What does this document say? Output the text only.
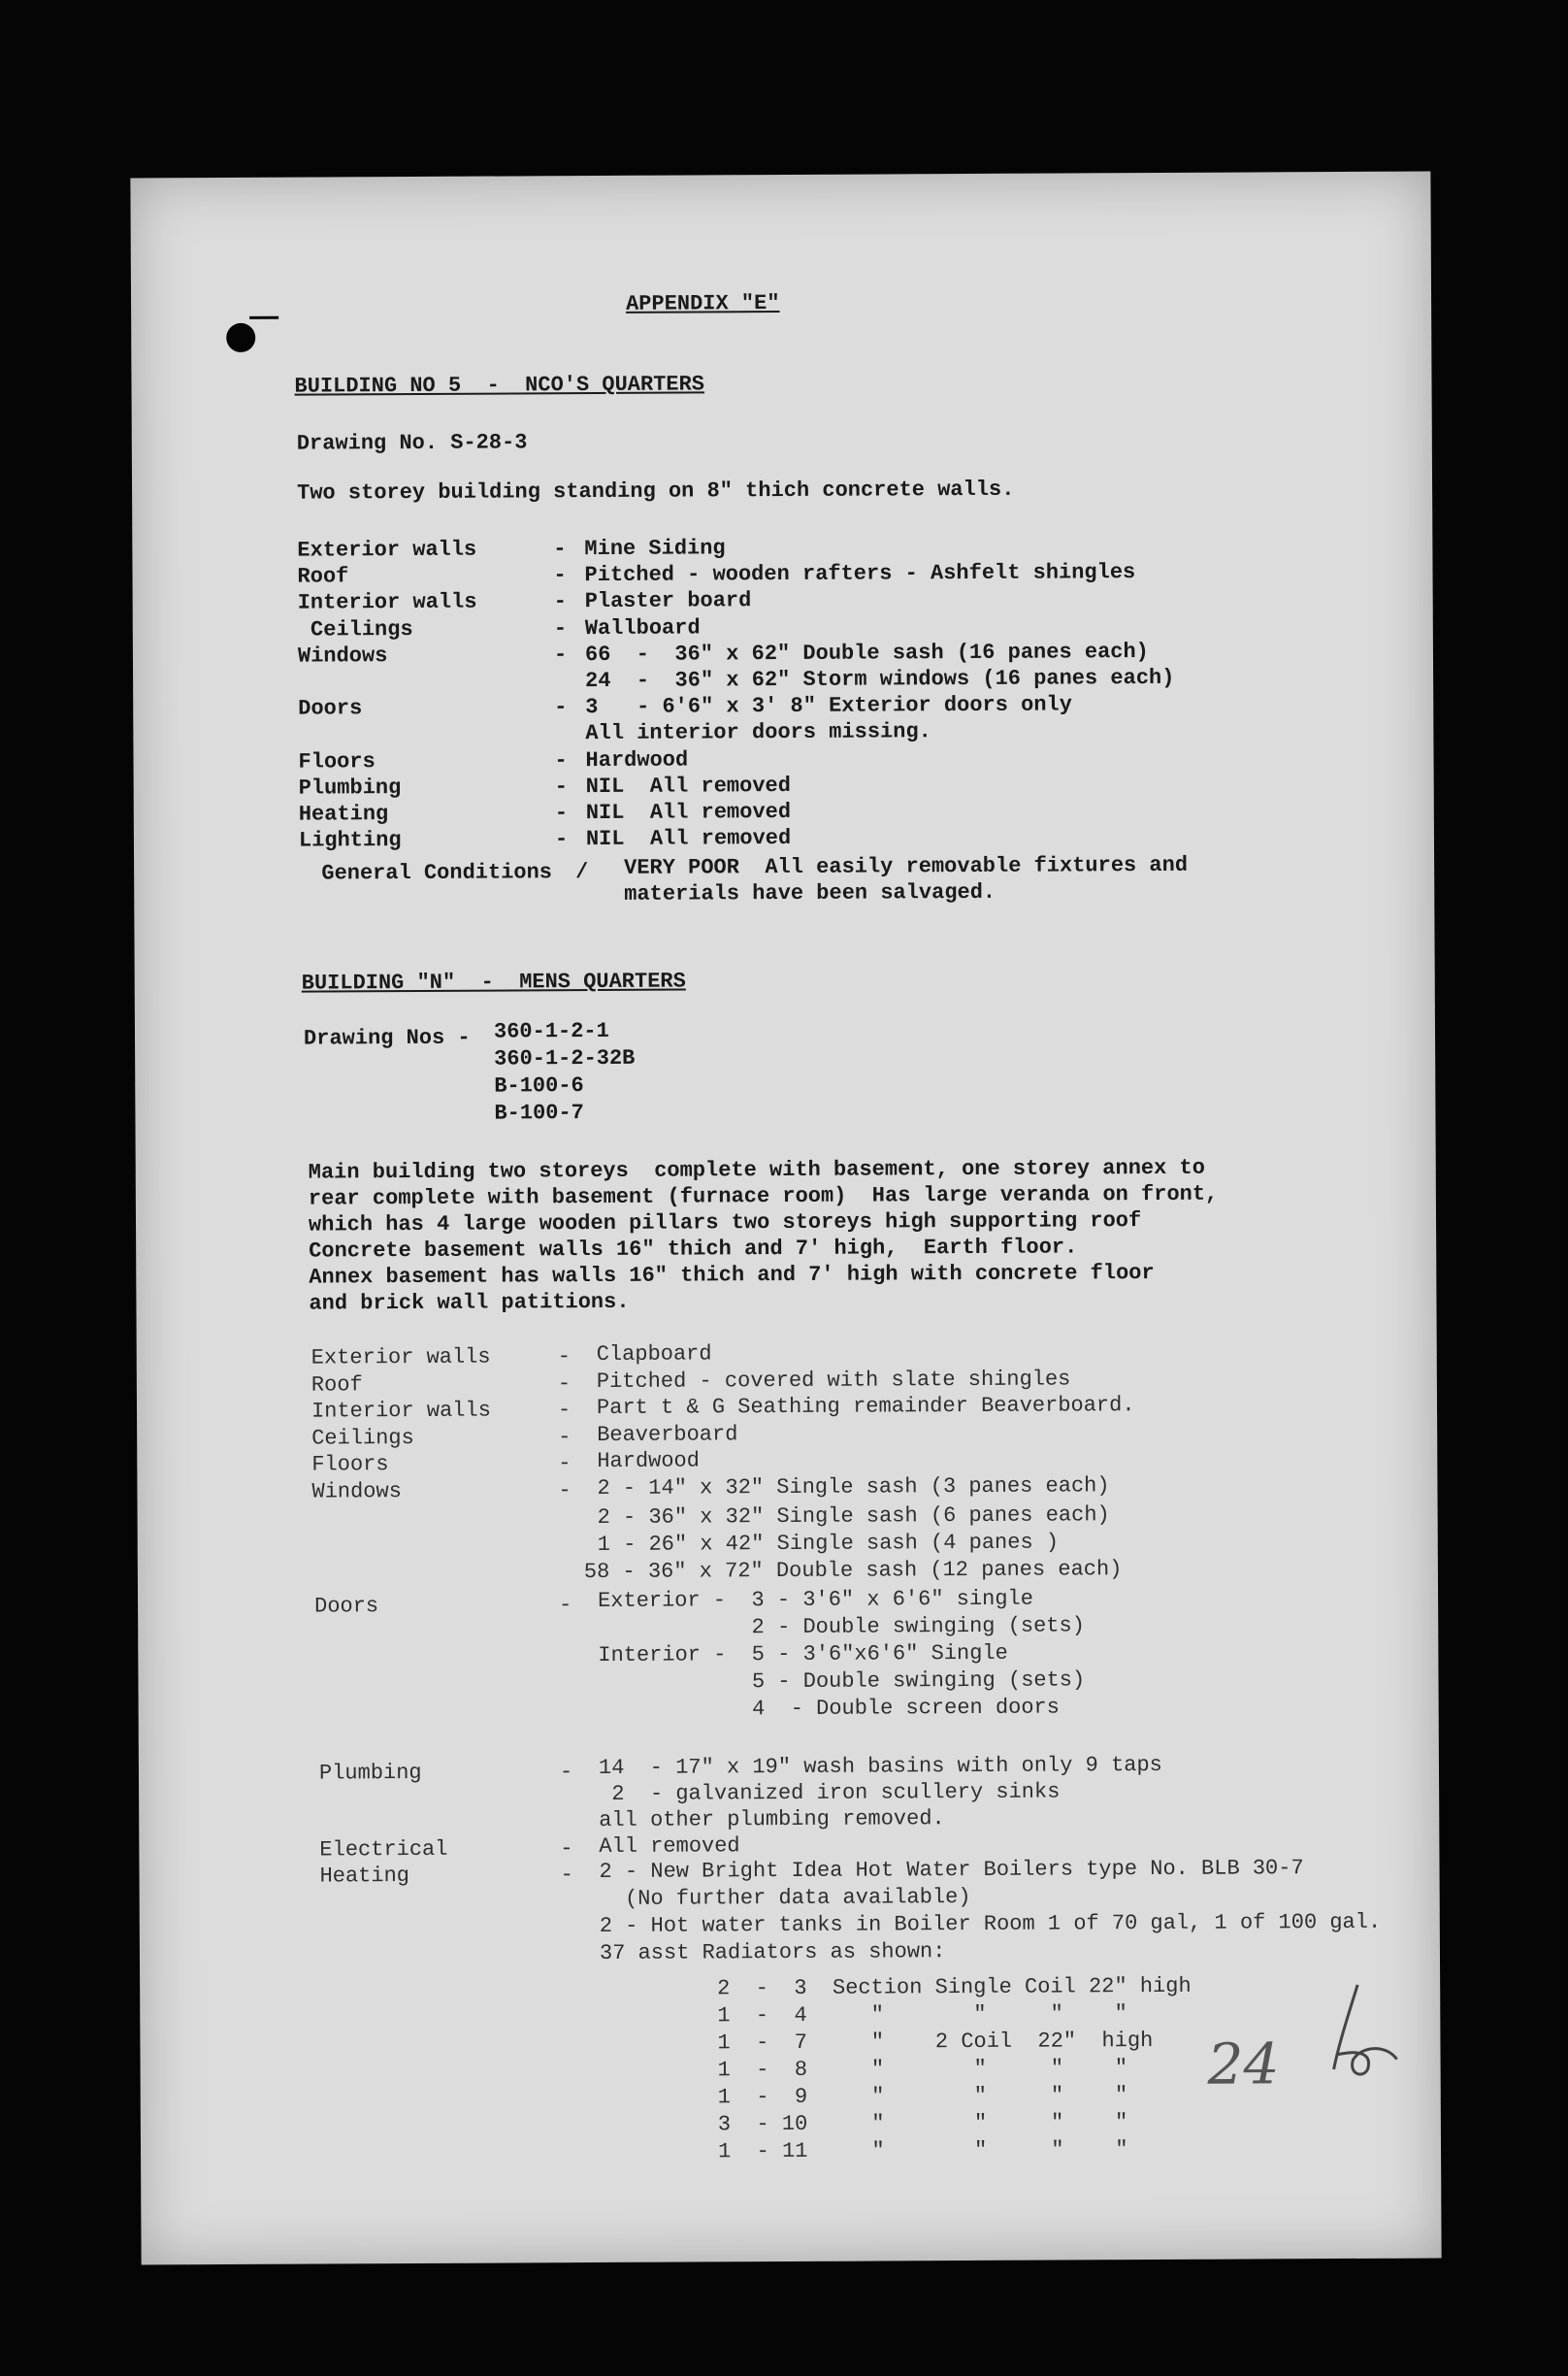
APPENDIX "E"
BUILDING NO 5  -  NCO'S QUARTERS
Drawing No. S-28-3
Two storey building standing on 8" thich concrete walls.
Exterior walls	- Mine Siding
Roof	- Pitched - wooden rafters - Ashfelt shingles
Interior walls	- Plaster board
Ceilings	- Wallboard
Windows	- 66  -  36" x 62" Double sash (16 panes each)
24  -  36" x 62" Storm windows (16 panes each)
Doors	- 3   - 6'6" x 3' 8" Exterior doors only
All interior doors missing.
Floors	- Hardwood
Plumbing	- NIL  All removed
Heating	- NIL  All removed
Lighting	- NIL  All removed
General Conditions / VERY POOR  All easily removable fixtures and
materials have been salvaged.
BUILDING "N"  -  MENS QUARTERS
Drawing Nos - 360-1-2-1
360-1-2-32B
B-100-6
B-100-7
Main building two storeys  complete with basement, one storey annex to
rear complete with basement (furnace room)  Has large veranda on front,
which has 4 large wooden pillars two storeys high supporting roof
Concrete basement walls 16" thich and 7' high,  Earth floor.
Annex basement has walls 16" thich and 7' high with concrete floor
and brick wall patitions.
Exterior walls	- Clapboard
Roof	- Pitched - covered with slate shingles
Interior walls	- Part t & G Seathing remainder Beaverboard.
Ceilings	- Beaverboard
Floors	- Hardwood
Windows	- 2 - 14" x 32" Single sash (3 panes each)
2 - 36" x 32" Single sash (6 panes each)
1 - 26" x 42" Single sash (4 panes )
58 - 36" x 72" Double sash (12 panes each)
Doors	- Exterior -  3 - 3'6" x 6'6" single
2 - Double swinging (sets)
Interior -  5 - 3'6"x6'6" Single
5 - Double swinging (sets)
4  - Double screen doors
Plumbing	- 14  - 17" x 19" wash basins with only 9 taps
2  - galvanized iron scullery sinks
all other plumbing removed.
Electrical	- All removed
Heating	- 2 - New Bright Idea Hot Water Boilers type No. BLB 30-7
(No further data available)
2 - Hot water tanks in Boiler Room 1 of 70 gal, 1 of 100 gal.
37 asst Radiators as shown:
2  -  3  Section Single Coil 22" high
1  -  4     "       "     "    "
1  -  7     "    2 Coil  22"  high
1  -  8     "       "     "    "
1  -  9     "       "     "    "
3  - 10     "       "     "    "
1  - 11     "       "     "    "
24
